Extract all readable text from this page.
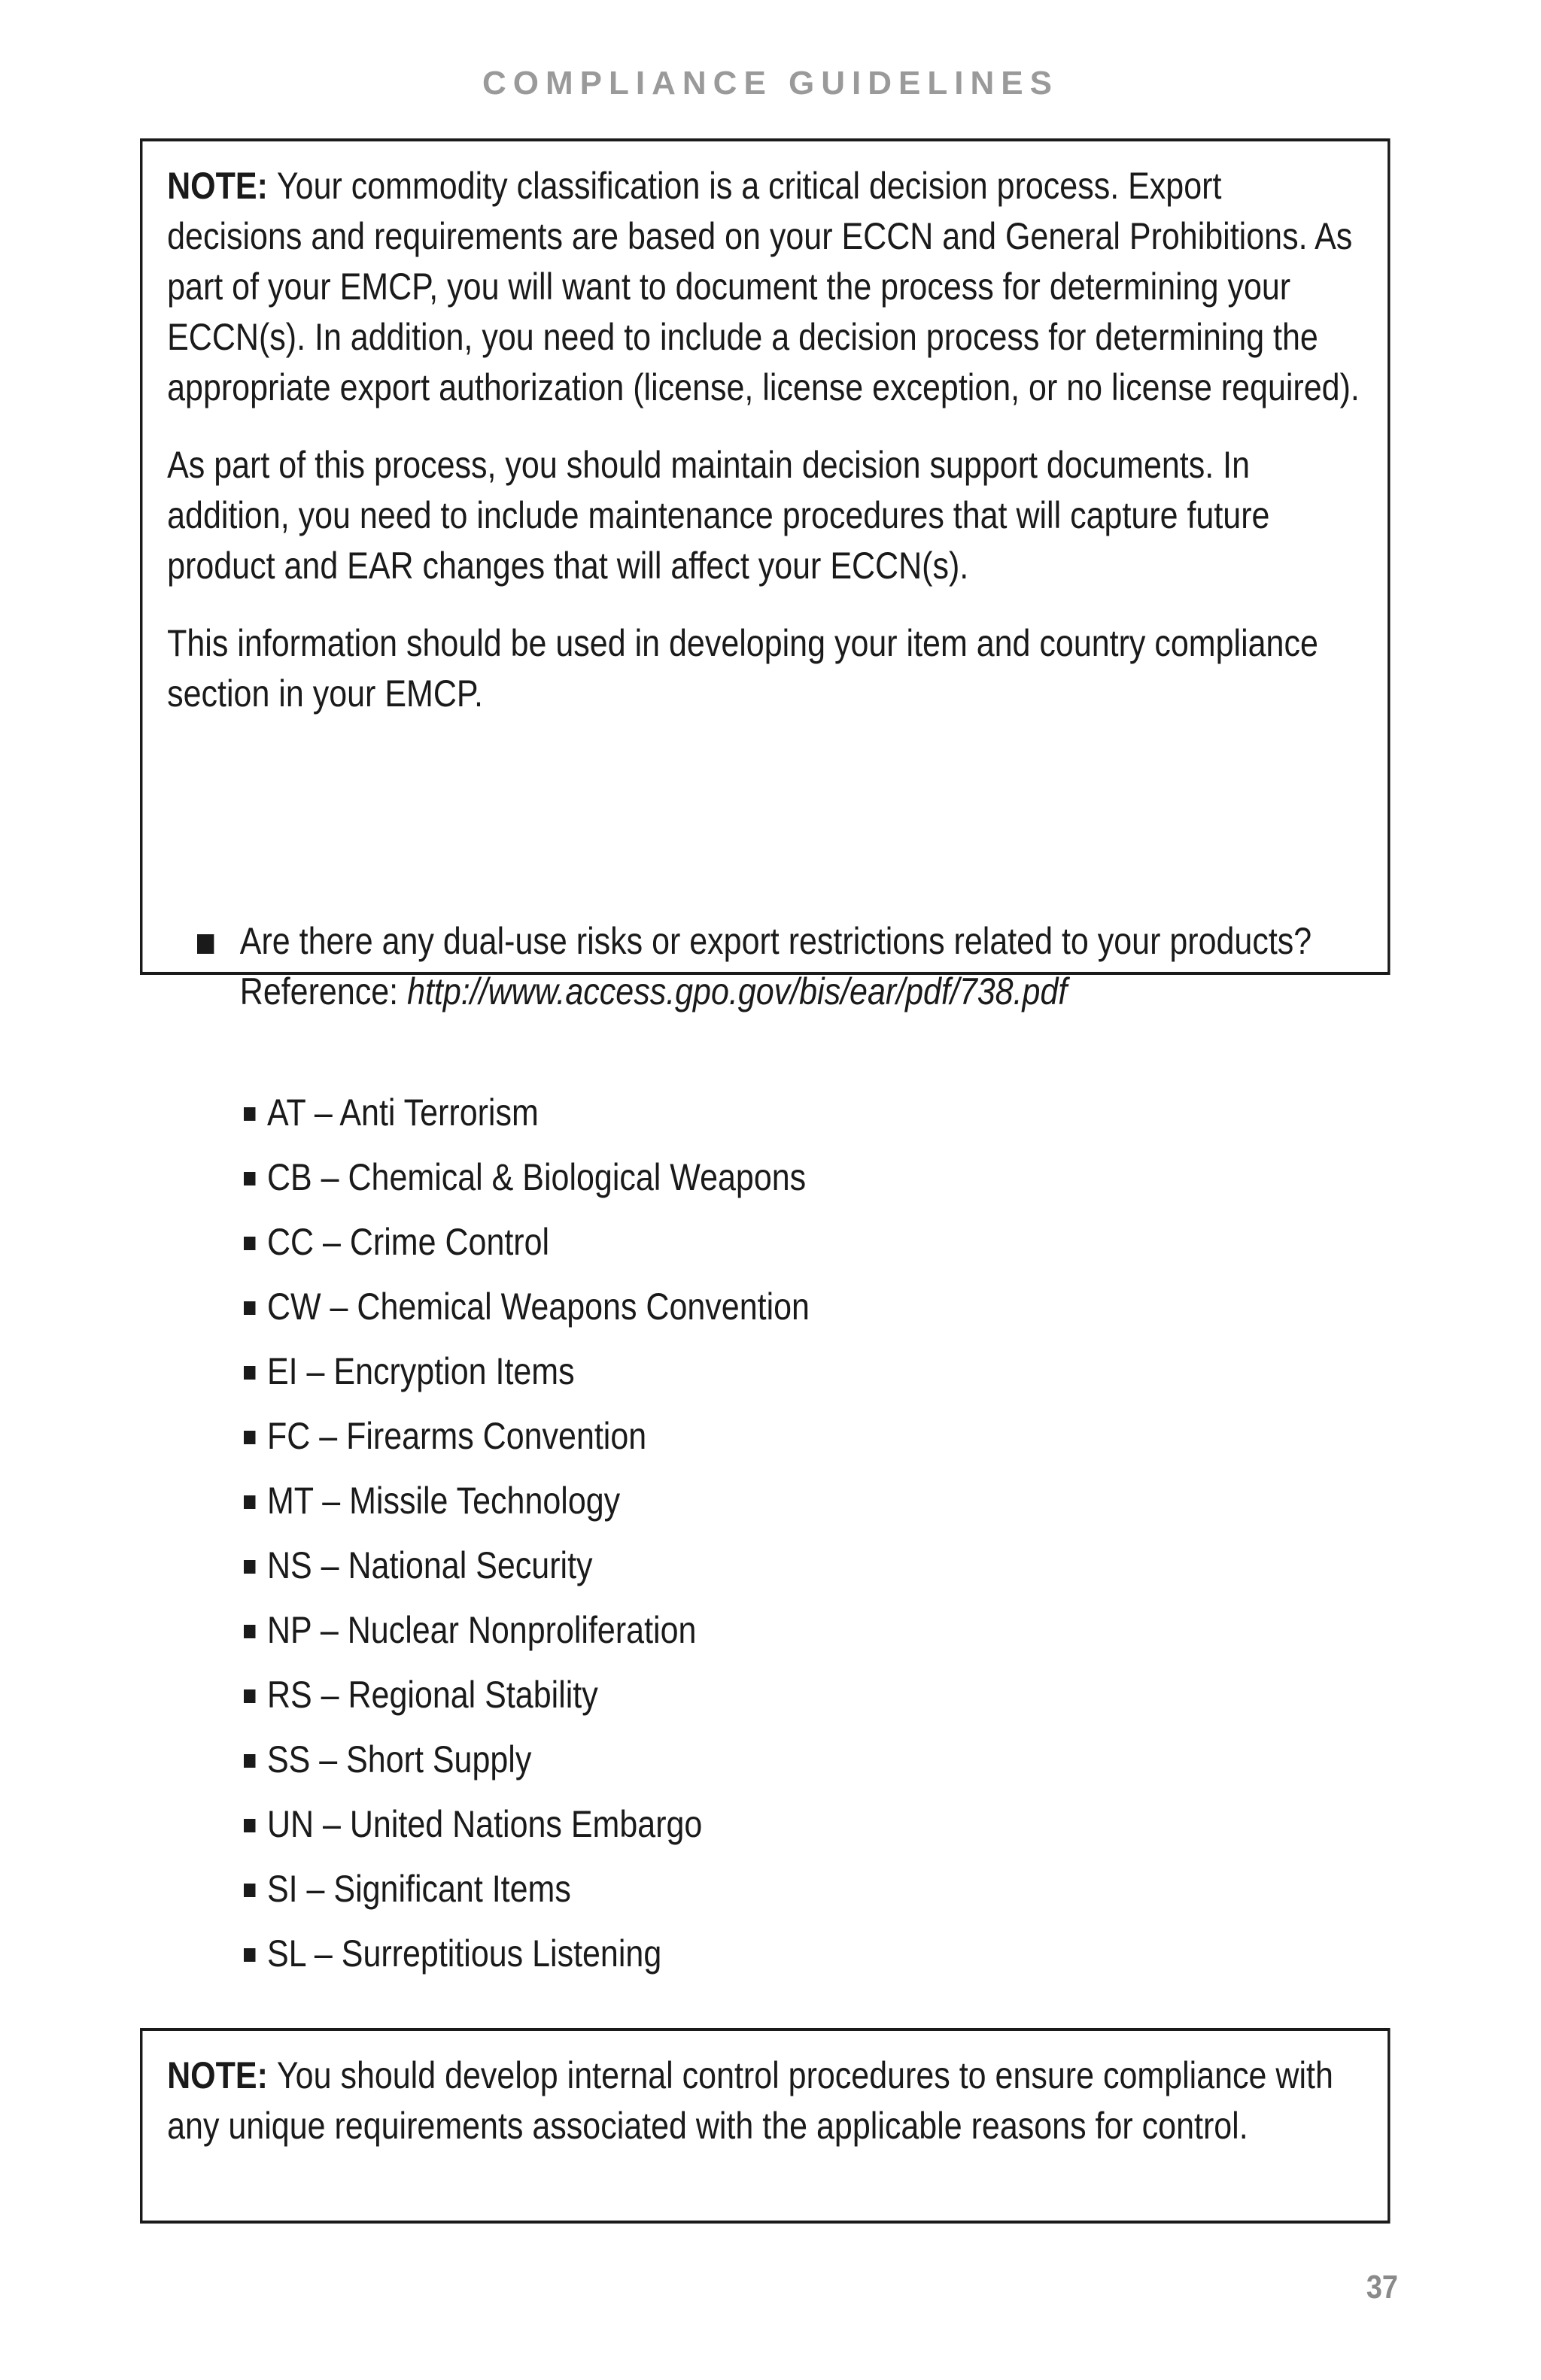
COMPLIANCE GUIDELINES

NOTE: Your commodity classification is a critical decision process. Export decisions and requirements are based on your ECCN and General Prohibitions. As part of your EMCP, you will want to document the process for determining your ECCN(s). In addition, you need to include a decision process for determining the appropriate export authorization (license, license exception, or no license required).

As part of this process, you should maintain decision support documents. In addition, you need to include maintenance procedures that will capture future product and EAR changes that will affect your ECCN(s).

This information should be used in developing your item and country compliance section in your EMCP.

Are there any dual-use risks or export restrictions related to your products?
Reference: http://www.access.gpo.gov/bis/ear/pdf/738.pdf
AT – Anti Terrorism
CB – Chemical & Biological Weapons
CC – Crime Control
CW – Chemical Weapons Convention
EI – Encryption Items
FC – Firearms Convention
MT – Missile Technology
NS – National Security
NP – Nuclear Nonproliferation
RS – Regional Stability
SS – Short Supply
UN – United Nations Embargo
SI – Significant Items
SL – Surreptitious Listening

NOTE: You should develop internal control procedures to ensure compliance with any unique requirements associated with the applicable reasons for control.

37
